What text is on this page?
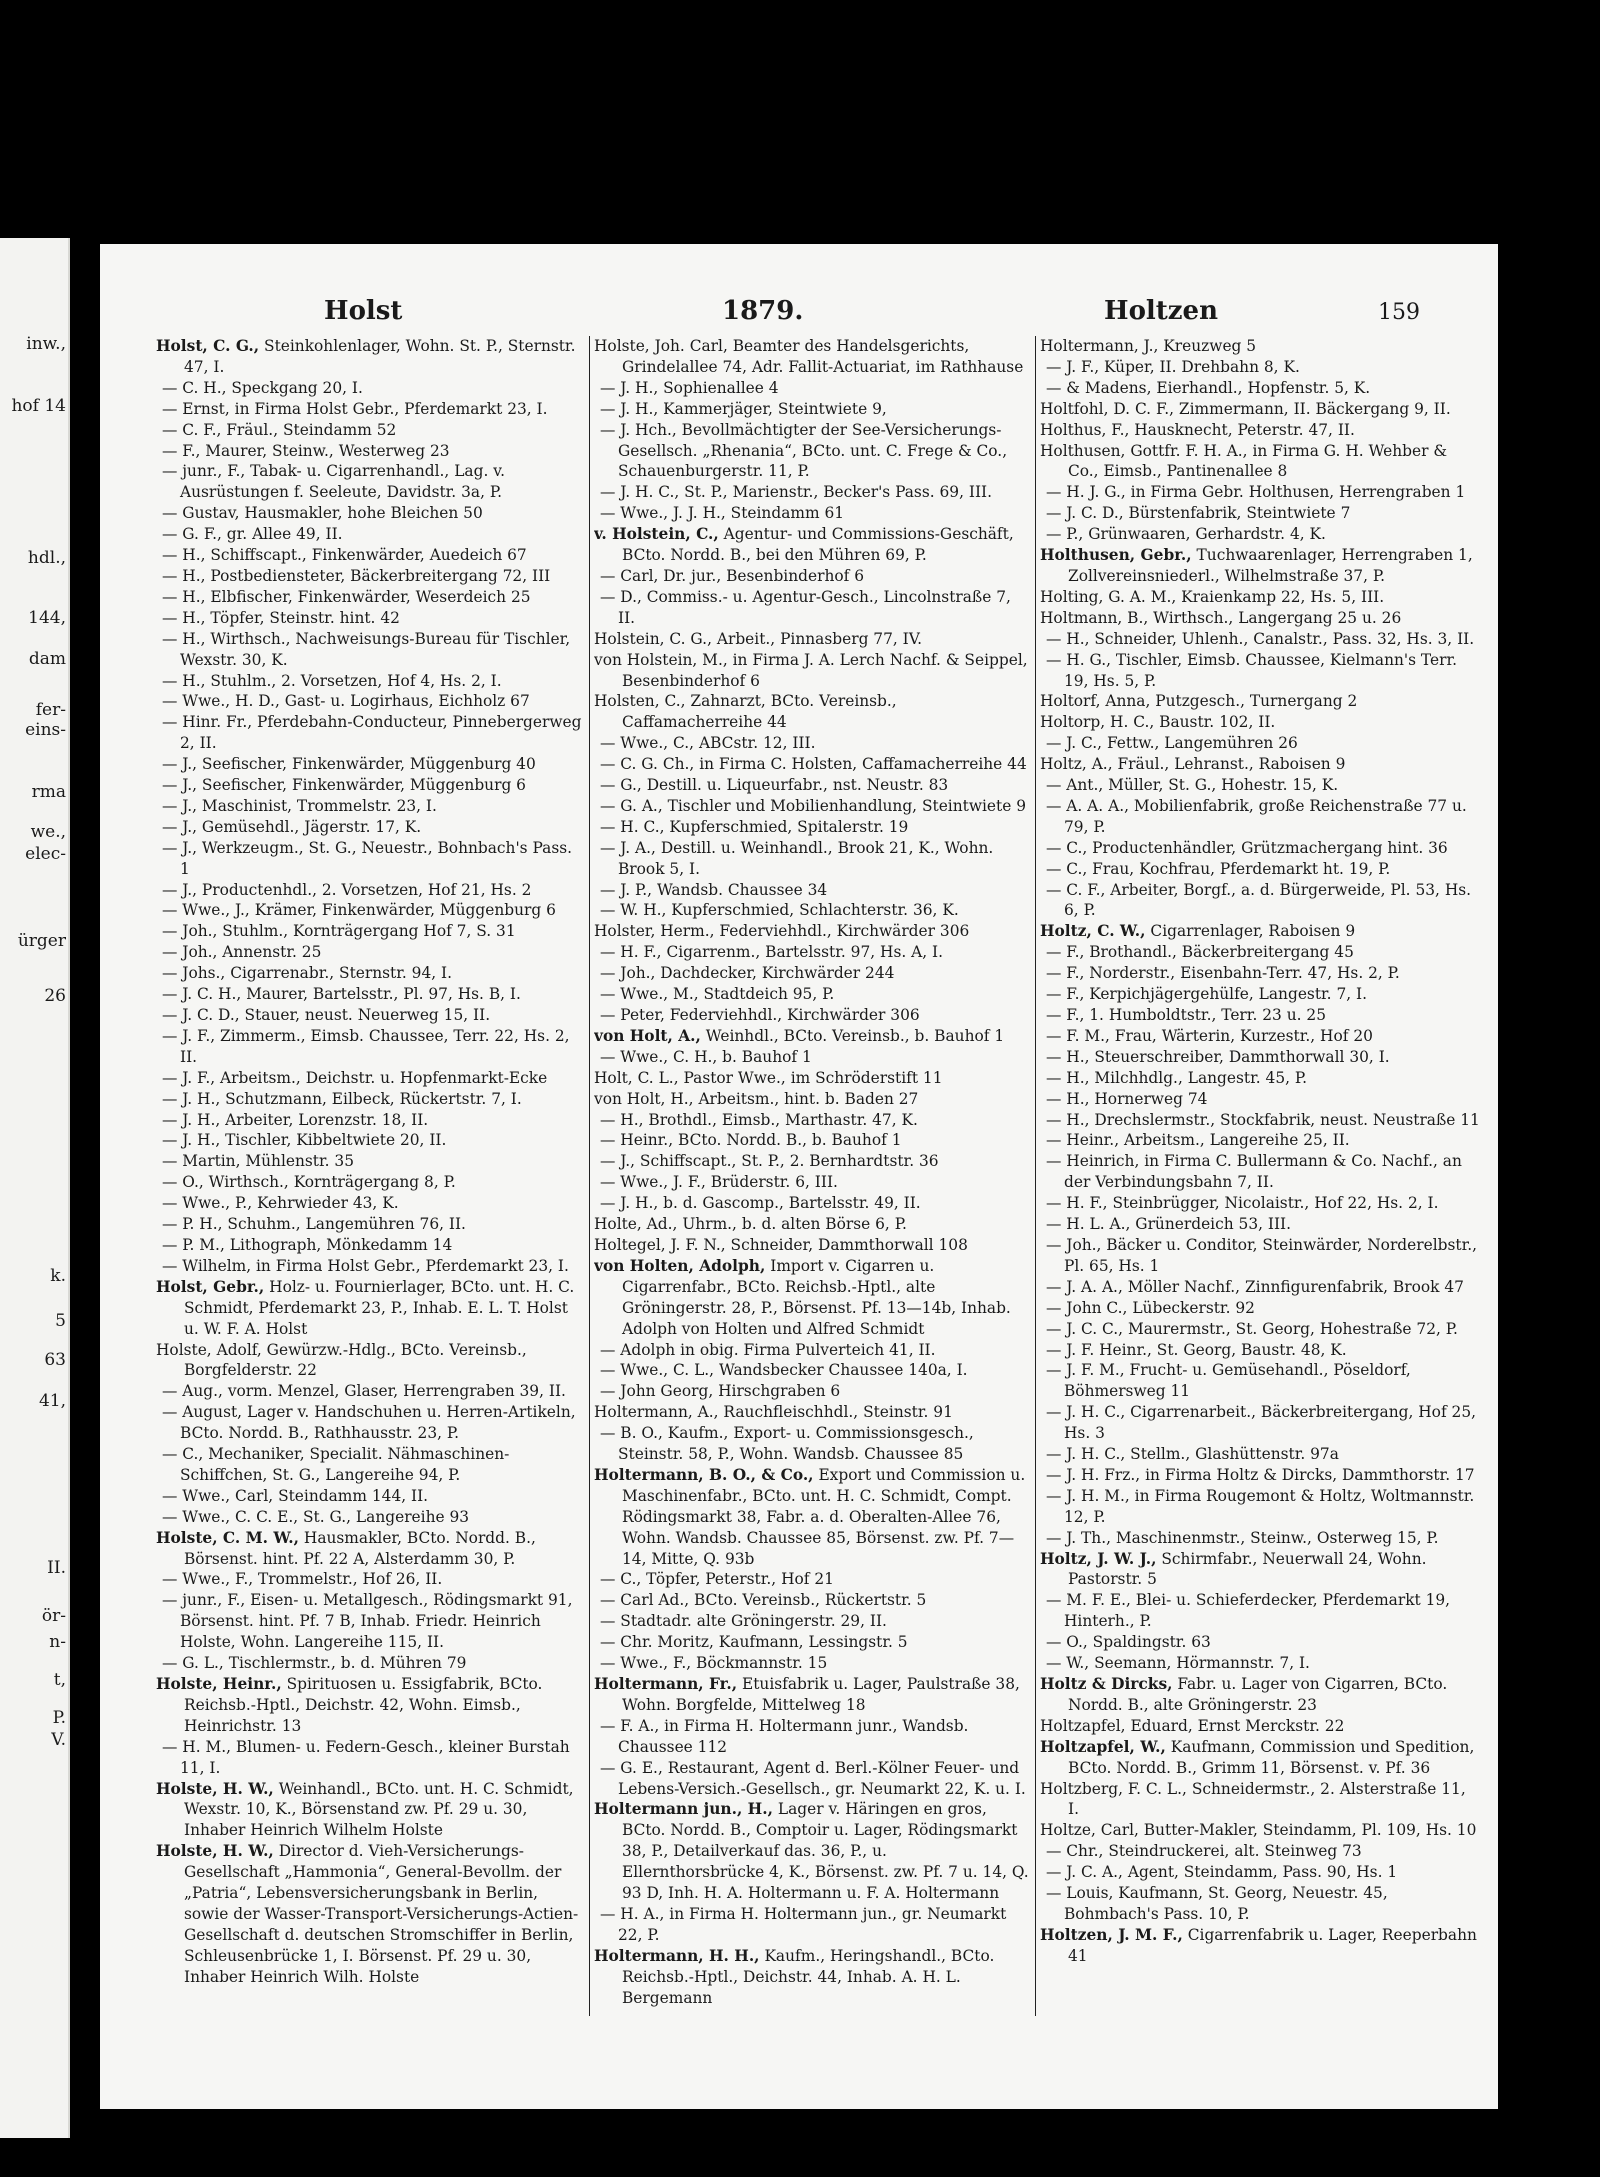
inw.,
hof 14
hdl.,
144,
dam
fer-
eins-
rma
we.,
elec-
ürger
26
k.
5
63
41,
II.
ör-
n-
t,
P.
V.
Holst	1879.	Holtzen	159

Holst, C. G., Steinkohlenlager, Wohn. St. P., Sternstr. 47, I.

— C. H., Speckgang 20, I.

— Ernst, in Firma Holst Gebr., Pferdemarkt 23, I.

— C. F., Fräul., Steindamm 52

— F., Maurer, Steinw., Westerweg 23

— junr., F., Tabak- u. Cigarrenhandl., Lag. v. Ausrüstungen f. Seeleute, Davidstr. 3a, P.

— Gustav, Hausmakler, hohe Bleichen 50

— G. F., gr. Allee 49, II.

— H., Schiffscapt., Finkenwärder, Auedeich 67

— H., Postbediensteter, Bäckerbreitergang 72, III

— H., Elbfischer, Finkenwärder, Weserdeich 25

— H., Töpfer, Steinstr. hint. 42

— H., Wirthsch., Nachweisungs-Bureau für Tischler, Wexstr. 30, K.

— H., Stuhlm., 2. Vorsetzen, Hof 4, Hs. 2, I.

— Wwe., H. D., Gast- u. Logirhaus, Eichholz 67

— Hinr. Fr., Pferdebahn-Conducteur, Pinnebergerweg 2, II.

— J., Seefischer, Finkenwärder, Müggenburg 40

— J., Seefischer, Finkenwärder, Müggenburg 6

— J., Maschinist, Trommelstr. 23, I.

— J., Gemüsehdl., Jägerstr. 17, K.

— J., Werkzeugm., St. G., Neuestr., Bohnbach's Pass. 1

— J., Productenhdl., 2. Vorsetzen, Hof 21, Hs. 2

— Wwe., J., Krämer, Finkenwärder, Müggenburg 6

— Joh., Stuhlm., Kornträgergang Hof 7, S. 31

— Joh., Annenstr. 25

— Johs., Cigarrenabr., Sternstr. 94, I.

— J. C. H., Maurer, Bartelsstr., Pl. 97, Hs. B, I.

— J. C. D., Stauer, neust. Neuerweg 15, II.

— J. F., Zimmerm., Eimsb. Chaussee, Terr. 22, Hs. 2, II.

— J. F., Arbeitsm., Deichstr. u. Hopfenmarkt-Ecke

— J. H., Schutzmann, Eilbeck, Rückertstr. 7, I.

— J. H., Arbeiter, Lorenzstr. 18, II.

— J. H., Tischler, Kibbeltwiete 20, II.

— Martin, Mühlenstr. 35

— O., Wirthsch., Kornträgergang 8, P.

— Wwe., P., Kehrwieder 43, K.

— P. H., Schuhm., Langemühren 76, II.

— P. M., Lithograph, Mönkedamm 14

— Wilhelm, in Firma Holst Gebr., Pferdemarkt 23, I.

Holst, Gebr., Holz- u. Fournierlager, BCto. unt. H. C. Schmidt, Pferdemarkt 23, P., Inhab. E. L. T. Holst u. W. F. A. Holst

Holste, Adolf, Gewürzw.-Hdlg., BCto. Vereinsb., Borgfelderstr. 22

— Aug., vorm. Menzel, Glaser, Herrengraben 39, II.

— August, Lager v. Handschuhen u. Herren-Artikeln, BCto. Nordd. B., Rathhausstr. 23, P.

— C., Mechaniker, Specialit. Nähmaschinen-Schiffchen, St. G., Langereihe 94, P.

— Wwe., Carl, Steindamm 144, II.

— Wwe., C. C. E., St. G., Langereihe 93

Holste, C. M. W., Hausmakler, BCto. Nordd. B., Börsenst. hint. Pf. 22 A, Alsterdamm 30, P.

— Wwe., F., Trommelstr., Hof 26, II.

— junr., F., Eisen- u. Metallgesch., Rödingsmarkt 91, Börsenst. hint. Pf. 7 B, Inhab. Friedr. Heinrich Holste, Wohn. Langereihe 115, II.

— G. L., Tischlermstr., b. d. Mühren 79

Holste, Heinr., Spirituosen u. Essigfabrik, BCto. Reichsb.-Hptl., Deichstr. 42, Wohn. Eimsb., Heinrichstr. 13

— H. M., Blumen- u. Federn-Gesch., kleiner Burstah 11, I.

Holste, H. W., Weinhandl., BCto. unt. H. C. Schmidt, Wexstr. 10, K., Börsenstand zw. Pf. 29 u. 30, Inhaber Heinrich Wilhelm Holste

Holste, H. W., Director d. Vieh-Versicherungs-Gesellschaft „Hammonia“, General-Bevollm. der „Patria“, Lebensversicherungsbank in Berlin, sowie der Wasser-Transport-Versicherungs-Actien-Gesellschaft d. deutschen Stromschiffer in Berlin, Schleusenbrücke 1, I. Börsenst. Pf. 29 u. 30, Inhaber Heinrich Wilh. Holste

Holste, Joh. Carl, Beamter des Handelsgerichts, Grindelallee 74, Adr. Fallit-Actuariat, im Rathhause

— J. H., Sophienallee 4

— J. H., Kammerjäger, Steintwiete 9,

— J. Hch., Bevollmächtigter der See-Versicherungs-Gesellsch. „Rhenania“, BCto. unt. C. Frege & Co., Schauenburgerstr. 11, P.

— J. H. C., St. P., Marienstr., Becker's Pass. 69, III.

— Wwe., J. J. H., Steindamm 61

v. Holstein, C., Agentur- und Commissions-Geschäft, BCto. Nordd. B., bei den Mühren 69, P.

— Carl, Dr. jur., Besenbinderhof 6

— D., Commiss.- u. Agentur-Gesch., Lincolnstraße 7, II.

Holstein, C. G., Arbeit., Pinnasberg 77, IV.

von Holstein, M., in Firma J. A. Lerch Nachf. & Seippel, Besenbinderhof 6

Holsten, C., Zahnarzt, BCto. Vereinsb., Caffamacherreihe 44

— Wwe., C., ABCstr. 12, III.

— C. G. Ch., in Firma C. Holsten, Caffamacherreihe 44

— G., Destill. u. Liqueurfabr., nst. Neustr. 83

— G. A., Tischler und Mobilienhandlung, Steintwiete 9

— H. C., Kupferschmied, Spitalerstr. 19

— J. A., Destill. u. Weinhandl., Brook 21, K., Wohn. Brook 5, I.

— J. P., Wandsb. Chaussee 34

— W. H., Kupferschmied, Schlachterstr. 36, K.

Holster, Herm., Federviehhdl., Kirchwärder 306

— H. F., Cigarrenm., Bartelsstr. 97, Hs. A, I.

— Joh., Dachdecker, Kirchwärder 244

— Wwe., M., Stadtdeich 95, P.

— Peter, Federviehhdl., Kirchwärder 306

von Holt, A., Weinhdl., BCto. Vereinsb., b. Bauhof 1

— Wwe., C. H., b. Bauhof 1

Holt, C. L., Pastor Wwe., im Schröderstift 11

von Holt, H., Arbeitsm., hint. b. Baden 27

— H., Brothdl., Eimsb., Marthastr. 47, K.

— Heinr., BCto. Nordd. B., b. Bauhof 1

— J., Schiffscapt., St. P., 2. Bernhardtstr. 36

— Wwe., J. F., Brüderstr. 6, III.

— J. H., b. d. Gascomp., Bartelsstr. 49, II.

Holte, Ad., Uhrm., b. d. alten Börse 6, P.

Holtegel, J. F. N., Schneider, Dammthorwall 108

von Holten, Adolph, Import v. Cigarren u. Cigarrenfabr., BCto. Reichsb.-Hptl., alte Gröningerstr. 28, P., Börsenst. Pf. 13—14b, Inhab. Adolph von Holten und Alfred Schmidt

— Adolph in obig. Firma Pulverteich 41, II.

— Wwe., C. L., Wandsbecker Chaussee 140a, I.

— John Georg, Hirschgraben 6

Holtermann, A., Rauchfleischhdl., Steinstr. 91

— B. O., Kaufm., Export- u. Commissionsgesch., Steinstr. 58, P., Wohn. Wandsb. Chaussee 85

Holtermann, B. O., & Co., Export und Commission u. Maschinenfabr., BCto. unt. H. C. Schmidt, Compt. Rödingsmarkt 38, Fabr. a. d. Oberalten-Allee 76, Wohn. Wandsb. Chaussee 85, Börsenst. zw. Pf. 7—14, Mitte, Q. 93b

— C., Töpfer, Peterstr., Hof 21

— Carl Ad., BCto. Vereinsb., Rückertstr. 5

— Stadtadr. alte Gröningerstr. 29, II.

— Chr. Moritz, Kaufmann, Lessingstr. 5

— Wwe., F., Böckmannstr. 15

Holtermann, Fr., Etuisfabrik u. Lager, Paulstraße 38, Wohn. Borgfelde, Mittelweg 18

— F. A., in Firma H. Holtermann junr., Wandsb. Chaussee 112

— G. E., Restaurant, Agent d. Berl.-Kölner Feuer- und Lebens-Versich.-Gesellsch., gr. Neumarkt 22, K. u. I.

Holtermann jun., H., Lager v. Häringen en gros, BCto. Nordd. B., Comptoir u. Lager, Rödingsmarkt 38, P., Detailverkauf das. 36, P., u. Ellernthorsbrücke 4, K., Börsenst. zw. Pf. 7 u. 14, Q. 93 D, Inh. H. A. Holtermann u. F. A. Holtermann

— H. A., in Firma H. Holtermann jun., gr. Neumarkt 22, P.

Holtermann, H. H., Kaufm., Heringshandl., BCto. Reichsb.-Hptl., Deichstr. 44, Inhab. A. H. L. Bergemann

Holtermann, J., Kreuzweg 5

— J. F., Küper, II. Drehbahn 8, K.

— & Madens, Eierhandl., Hopfenstr. 5, K.

Holtfohl, D. C. F., Zimmermann, II. Bäckergang 9, II.

Holthus, F., Hausknecht, Peterstr. 47, II.

Holthusen, Gottfr. F. H. A., in Firma G. H. Wehber & Co., Eimsb., Pantinenallee 8

— H. J. G., in Firma Gebr. Holthusen, Herrengraben 1

— J. C. D., Bürstenfabrik, Steintwiete 7

— P., Grünwaaren, Gerhardstr. 4, K.

Holthusen, Gebr., Tuchwaarenlager, Herrengraben 1, Zollvereinsniederl., Wilhelmstraße 37, P.

Holting, G. A. M., Kraienkamp 22, Hs. 5, III.

Holtmann, B., Wirthsch., Langergang 25 u. 26

— H., Schneider, Uhlenh., Canalstr., Pass. 32, Hs. 3, II.

— H. G., Tischler, Eimsb. Chaussee, Kielmann's Terr. 19, Hs. 5, P.

Holtorf, Anna, Putzgesch., Turnergang 2

Holtorp, H. C., Baustr. 102, II.

— J. C., Fettw., Langemühren 26

Holtz, A., Fräul., Lehranst., Raboisen 9

— Ant., Müller, St. G., Hohestr. 15, K.

— A. A. A., Mobilienfabrik, große Reichenstraße 77 u. 79, P.

— C., Productenhändler, Grützmachergang hint. 36

— C., Frau, Kochfrau, Pferdemarkt ht. 19, P.

— C. F., Arbeiter, Borgf., a. d. Bürgerweide, Pl. 53, Hs. 6, P.

Holtz, C. W., Cigarrenlager, Raboisen 9

— F., Brothandl., Bäckerbreitergang 45

— F., Norderstr., Eisenbahn-Terr. 47, Hs. 2, P.

— F., Kerpichjägergehülfe, Langestr. 7, I.

— F., 1. Humboldtstr., Terr. 23 u. 25

— F. M., Frau, Wärterin, Kurzestr., Hof 20

— H., Steuerschreiber, Dammthorwall 30, I.

— H., Milchhdlg., Langestr. 45, P.

— H., Hornerweg 74

— H., Drechslermstr., Stockfabrik, neust. Neustraße 11

— Heinr., Arbeitsm., Langereihe 25, II.

— Heinrich, in Firma C. Bullermann & Co. Nachf., an der Verbindungsbahn 7, II.

— H. F., Steinbrügger, Nicolaistr., Hof 22, Hs. 2, I.

— H. L. A., Grünerdeich 53, III.

— Joh., Bäcker u. Conditor, Steinwärder, Norderelbstr., Pl. 65, Hs. 1

— J. A. A., Möller Nachf., Zinnfigurenfabrik, Brook 47

— John C., Lübeckerstr. 92

— J. C. C., Maurermstr., St. Georg, Hohestraße 72, P.

— J. F. Heinr., St. Georg, Baustr. 48, K.

— J. F. M., Frucht- u. Gemüsehandl., Pöseldorf, Böhmersweg 11

— J. H. C., Cigarrenarbeit., Bäckerbreitergang, Hof 25, Hs. 3

— J. H. C., Stellm., Glashüttenstr. 97a

— J. H. Frz., in Firma Holtz & Dircks, Dammthorstr. 17

— J. H. M., in Firma Rougemont & Holtz, Woltmannstr. 12, P.

— J. Th., Maschinenmstr., Steinw., Osterweg 15, P.

Holtz, J. W. J., Schirmfabr., Neuerwall 24, Wohn. Pastorstr. 5

— M. F. E., Blei- u. Schieferdecker, Pferdemarkt 19, Hinterh., P.

— O., Spaldingstr. 63

— W., Seemann, Hörmannstr. 7, I.

Holtz & Dircks, Fabr. u. Lager von Cigarren, BCto. Nordd. B., alte Gröningerstr. 23

Holtzapfel, Eduard, Ernst Merckstr. 22

Holtzapfel, W., Kaufmann, Commission und Spedition, BCto. Nordd. B., Grimm 11, Börsenst. v. Pf. 36

Holtzberg, F. C. L., Schneidermstr., 2. Alsterstraße 11, I.

Holtze, Carl, Butter-Makler, Steindamm, Pl. 109, Hs. 10

— Chr., Steindruckerei, alt. Steinweg 73

— J. C. A., Agent, Steindamm, Pass. 90, Hs. 1

— Louis, Kaufmann, St. Georg, Neuestr. 45, Bohmbach's Pass. 10, P.

Holtzen, J. M. F., Cigarrenfabrik u. Lager, Reeperbahn 41
